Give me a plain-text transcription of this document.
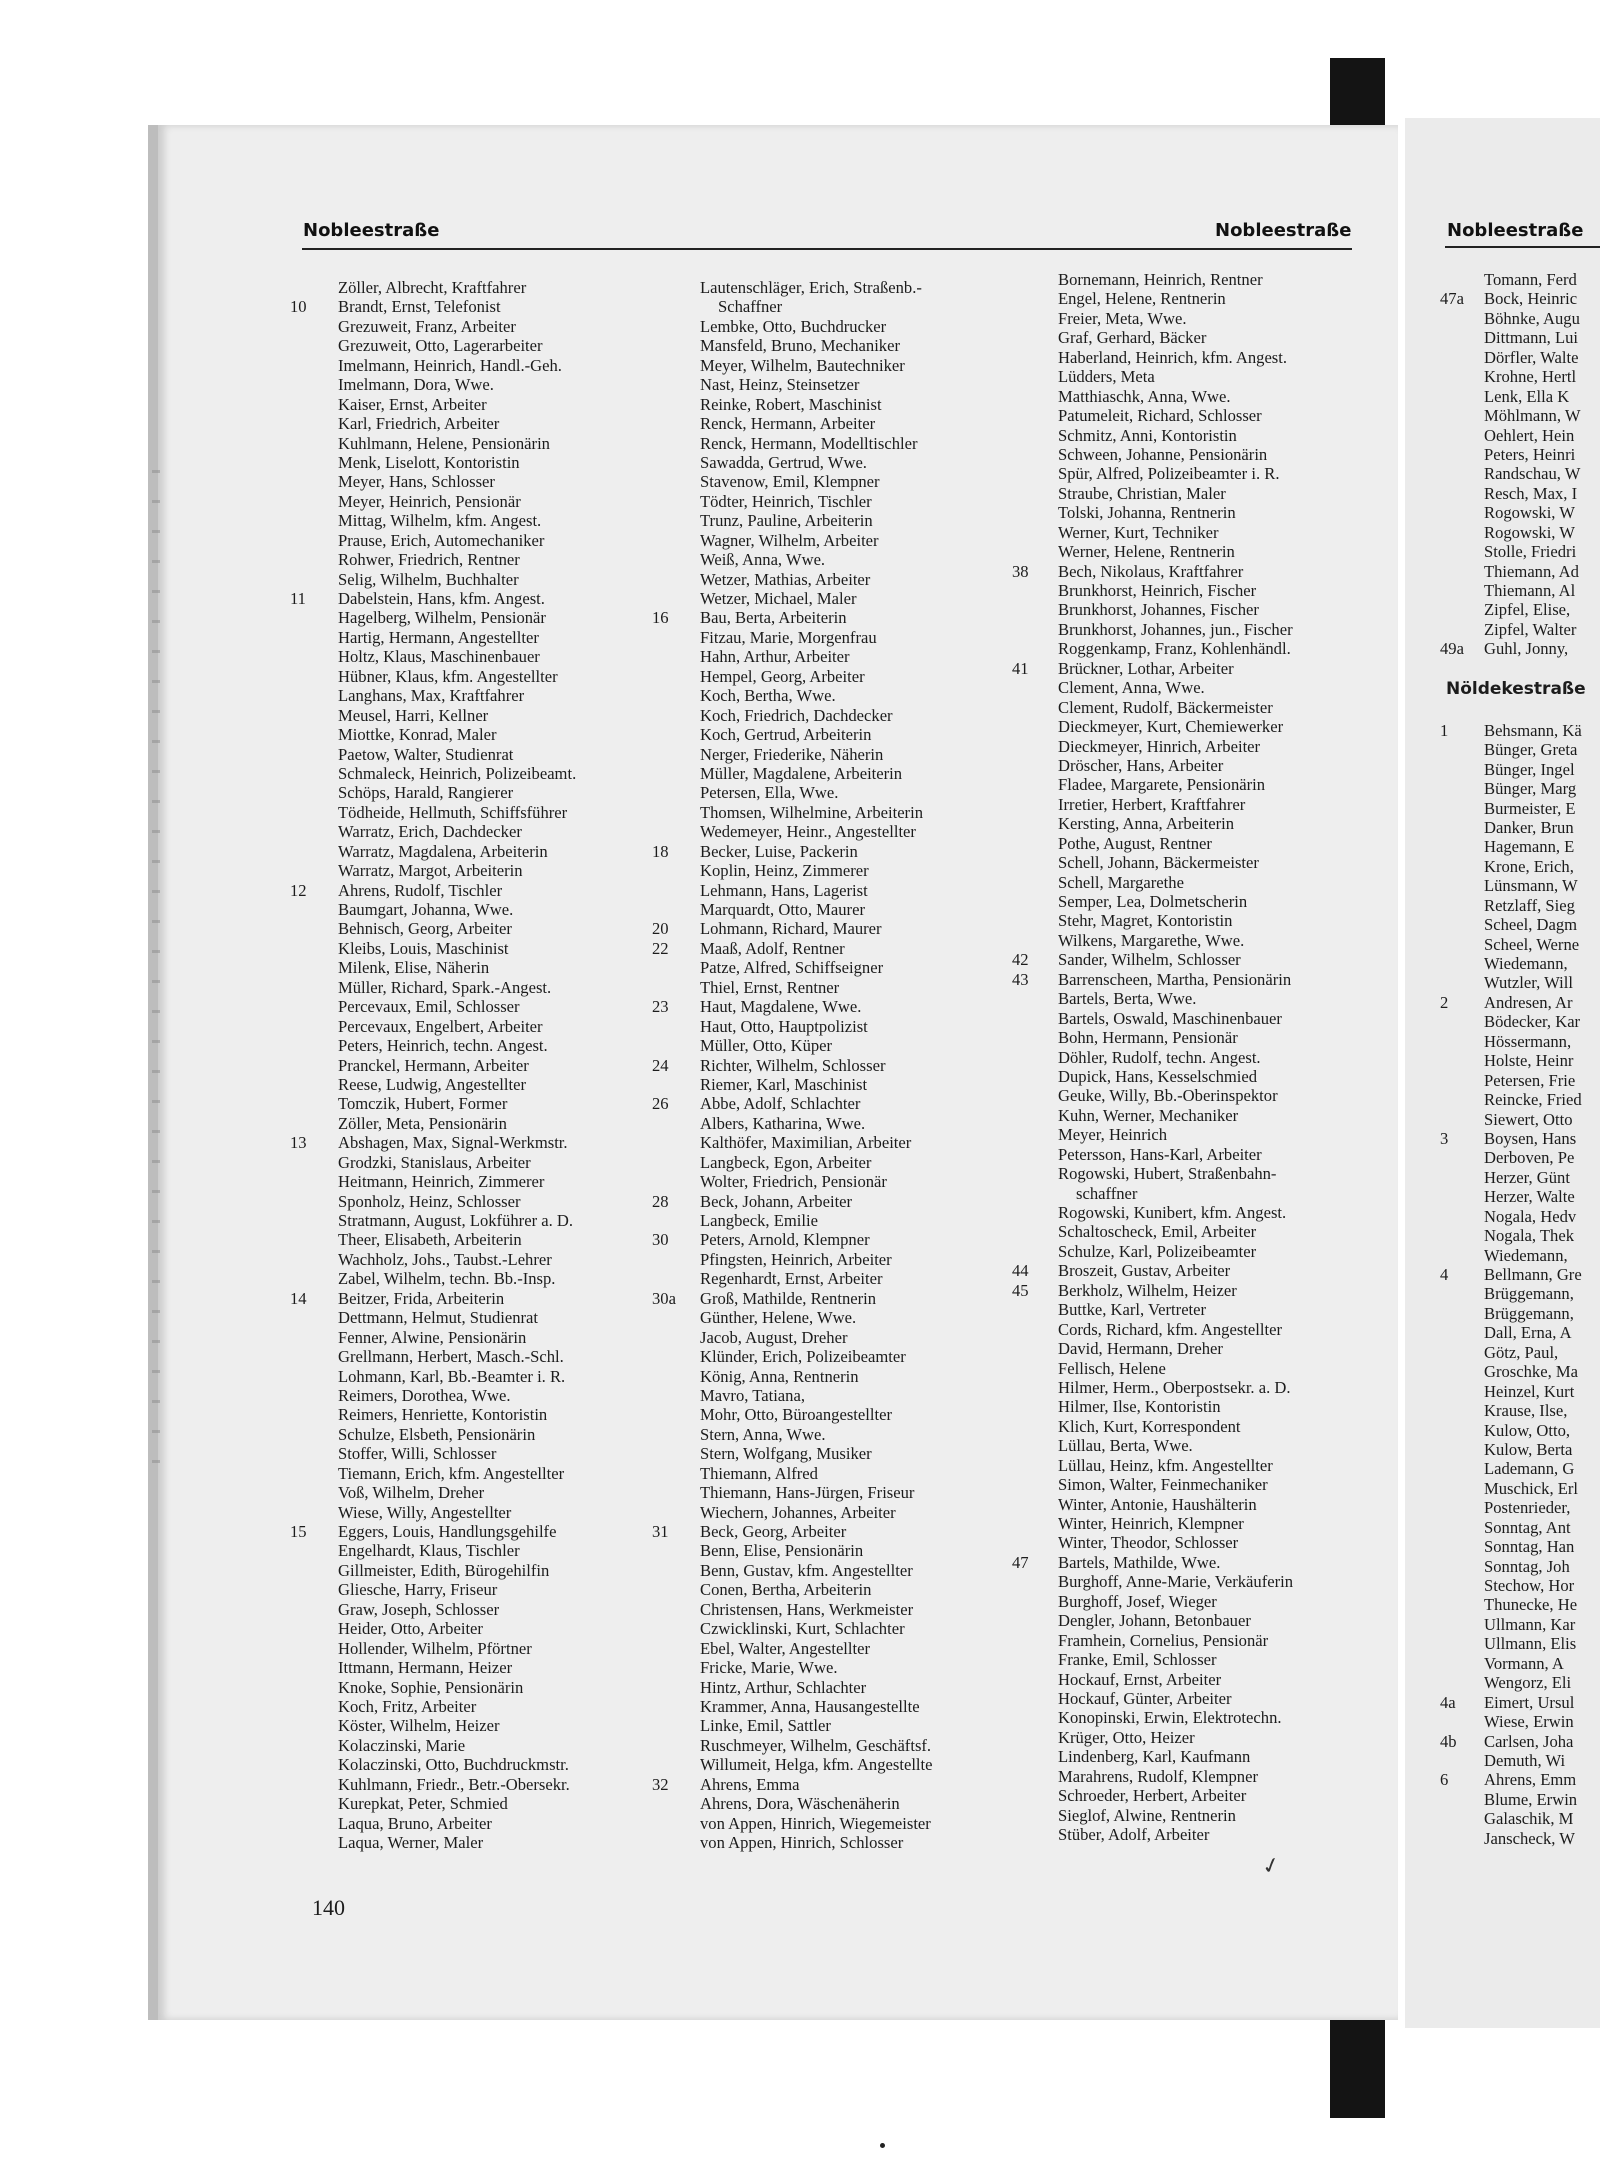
Nobleestraße	Nobleestraße	Nobleestraße
Zöller, Albrecht, Kraftfahrer
10	Brandt, Ernst, Telefonist
Grezuweit, Franz, Arbeiter
Grezuweit, Otto, Lagerarbeiter
Imelmann, Heinrich, Handl.-Geh.
Imelmann, Dora, Wwe.
Kaiser, Ernst, Arbeiter
Karl, Friedrich, Arbeiter
Kuhlmann, Helene, Pensionärin
Menk, Liselott, Kontoristin
Meyer, Hans, Schlosser
Meyer, Heinrich, Pensionär
Mittag, Wilhelm, kfm. Angest.
Prause, Erich, Automechaniker
Rohwer, Friedrich, Rentner
Selig, Wilhelm, Buchhalter
11	Dabelstein, Hans, kfm. Angest.
Hagelberg, Wilhelm, Pensionär
Hartig, Hermann, Angestellter
Holtz, Klaus, Maschinenbauer
Hübner, Klaus, kfm. Angestellter
Langhans, Max, Kraftfahrer
Meusel, Harri, Kellner
Miottke, Konrad, Maler
Paetow, Walter, Studienrat
Schmaleck, Heinrich, Polizeibeamt.
Schöps, Harald, Rangierer
Tödheide, Hellmuth, Schiffsführer
Warratz, Erich, Dachdecker
Warratz, Magdalena, Arbeiterin
Warratz, Margot, Arbeiterin
12	Ahrens, Rudolf, Tischler
Baumgart, Johanna, Wwe.
Behnisch, Georg, Arbeiter
Kleibs, Louis, Maschinist
Milenk, Elise, Näherin
Müller, Richard, Spark.-Angest.
Percevaux, Emil, Schlosser
Percevaux, Engelbert, Arbeiter
Peters, Heinrich, techn. Angest.
Pranckel, Hermann, Arbeiter
Reese, Ludwig, Angestellter
Tomczik, Hubert, Former
Zöller, Meta, Pensionärin
13	Abshagen, Max, Signal-Werkmstr.
Grodzki, Stanislaus, Arbeiter
Heitmann, Heinrich, Zimmerer
Sponholz, Heinz, Schlosser
Stratmann, August, Lokführer a. D.
Theer, Elisabeth, Arbeiterin
Wachholz, Johs., Taubst.-Lehrer
Zabel, Wilhelm, techn. Bb.-Insp.
14	Beitzer, Frida, Arbeiterin
Dettmann, Helmut, Studienrat
Fenner, Alwine, Pensionärin
Grellmann, Herbert, Masch.-Schl.
Lohmann, Karl, Bb.-Beamter i. R.
Reimers, Dorothea, Wwe.
Reimers, Henriette, Kontoristin
Schulze, Elsbeth, Pensionärin
Stoffer, Willi, Schlosser
Tiemann, Erich, kfm. Angestellter
Voß, Wilhelm, Dreher
Wiese, Willy, Angestellter
15	Eggers, Louis, Handlungsgehilfe
Engelhardt, Klaus, Tischler
Gillmeister, Edith, Bürogehilfin
Gliesche, Harry, Friseur
Graw, Joseph, Schlosser
Heider, Otto, Arbeiter
Hollender, Wilhelm, Pförtner
Ittmann, Hermann, Heizer
Knoke, Sophie, Pensionärin
Koch, Fritz, Arbeiter
Köster, Wilhelm, Heizer
Kolaczinski, Marie
Kolaczinski, Otto, Buchdruckmstr.
Kuhlmann, Friedr., Betr.-Obersekr.
Kurepkat, Peter, Schmied
Laqua, Bruno, Arbeiter
Laqua, Werner, Maler
Lautenschläger, Erich, Straßenb.-
Schaffner
Lembke, Otto, Buchdrucker
Mansfeld, Bruno, Mechaniker
Meyer, Wilhelm, Bautechniker
Nast, Heinz, Steinsetzer
Reinke, Robert, Maschinist
Renck, Hermann, Arbeiter
Renck, Hermann, Modelltischler
Sawadda, Gertrud, Wwe.
Stavenow, Emil, Klempner
Tödter, Heinrich, Tischler
Trunz, Pauline, Arbeiterin
Wagner, Wilhelm, Arbeiter
Weiß, Anna, Wwe.
Wetzer, Mathias, Arbeiter
Wetzer, Michael, Maler
16	Bau, Berta, Arbeiterin
Fitzau, Marie, Morgenfrau
Hahn, Arthur, Arbeiter
Hempel, Georg, Arbeiter
Koch, Bertha, Wwe.
Koch, Friedrich, Dachdecker
Koch, Gertrud, Arbeiterin
Nerger, Friederike, Näherin
Müller, Magdalene, Arbeiterin
Petersen, Ella, Wwe.
Thomsen, Wilhelmine, Arbeiterin
Wedemeyer, Heinr., Angestellter
18	Becker, Luise, Packerin
Koplin, Heinz, Zimmerer
Lehmann, Hans, Lagerist
Marquardt, Otto, Maurer
20	Lohmann, Richard, Maurer
22	Maaß, Adolf, Rentner
Patze, Alfred, Schiffseigner
Thiel, Ernst, Rentner
23	Haut, Magdalene, Wwe.
Haut, Otto, Hauptpolizist
Müller, Otto, Küper
24	Richter, Wilhelm, Schlosser
Riemer, Karl, Maschinist
26	Abbe, Adolf, Schlachter
Albers, Katharina, Wwe.
Kalthöfer, Maximilian, Arbeiter
Langbeck, Egon, Arbeiter
Wolter, Friedrich, Pensionär
28	Beck, Johann, Arbeiter
Langbeck, Emilie
30	Peters, Arnold, Klempner
Pfingsten, Heinrich, Arbeiter
Regenhardt, Ernst, Arbeiter
30a	Groß, Mathilde, Rentnerin
Günther, Helene, Wwe.
Jacob, August, Dreher
Klünder, Erich, Polizeibeamter
König, Anna, Rentnerin
Mavro, Tatiana,
Mohr, Otto, Büroangestellter
Stern, Anna, Wwe.
Stern, Wolfgang, Musiker
Thiemann, Alfred
Thiemann, Hans-Jürgen, Friseur
Wiechern, Johannes, Arbeiter
31	Beck, Georg, Arbeiter
Benn, Elise, Pensionärin
Benn, Gustav, kfm. Angestellter
Conen, Bertha, Arbeiterin
Christensen, Hans, Werkmeister
Czwicklinski, Kurt, Schlachter
Ebel, Walter, Angestellter
Fricke, Marie, Wwe.
Hintz, Arthur, Schlachter
Krammer, Anna, Hausangestellte
Linke, Emil, Sattler
Ruschmeyer, Wilhelm, Geschäftsf.
Willumeit, Helga, kfm. Angestellte
32	Ahrens, Emma
Ahrens, Dora, Wäschenäherin
von Appen, Hinrich, Wiegemeister
von Appen, Hinrich, Schlosser
Bornemann, Heinrich, Rentner
Engel, Helene, Rentnerin
Freier, Meta, Wwe.
Graf, Gerhard, Bäcker
Haberland, Heinrich, kfm. Angest.
Lüdders, Meta
Matthiaschk, Anna, Wwe.
Patumeleit, Richard, Schlosser
Schmitz, Anni, Kontoristin
Schween, Johanne, Pensionärin
Spür, Alfred, Polizeibeamter i. R.
Straube, Christian, Maler
Tolski, Johanna, Rentnerin
Werner, Kurt, Techniker
Werner, Helene, Rentnerin
38	Bech, Nikolaus, Kraftfahrer
Brunkhorst, Heinrich, Fischer
Brunkhorst, Johannes, Fischer
Brunkhorst, Johannes, jun., Fischer
Roggenkamp, Franz, Kohlenhändl.
41	Brückner, Lothar, Arbeiter
Clement, Anna, Wwe.
Clement, Rudolf, Bäckermeister
Dieckmeyer, Kurt, Chemiewerker
Dieckmeyer, Hinrich, Arbeiter
Dröscher, Hans, Arbeiter
Fladee, Margarete, Pensionärin
Irretier, Herbert, Kraftfahrer
Kersting, Anna, Arbeiterin
Pothe, August, Rentner
Schell, Johann, Bäckermeister
Schell, Margarethe
Semper, Lea, Dolmetscherin
Stehr, Magret, Kontoristin
Wilkens, Margarethe, Wwe.
42	Sander, Wilhelm, Schlosser
43	Barrenscheen, Martha, Pensionärin
Bartels, Berta, Wwe.
Bartels, Oswald, Maschinenbauer
Bohn, Hermann, Pensionär
Döhler, Rudolf, techn. Angest.
Dupick, Hans, Kesselschmied
Geuke, Willy, Bb.-Oberinspektor
Kuhn, Werner, Mechaniker
Meyer, Heinrich
Petersson, Hans-Karl, Arbeiter
Rogowski, Hubert, Straßenbahn-
schaffner
Rogowski, Kunibert, kfm. Angest.
Schaltoscheck, Emil, Arbeiter
Schulze, Karl, Polizeibeamter
44	Broszeit, Gustav, Arbeiter
45	Berkholz, Wilhelm, Heizer
Buttke, Karl, Vertreter
Cords, Richard, kfm. Angestellter
David, Hermann, Dreher
Fellisch, Helene
Hilmer, Herm., Oberpostsekr. a. D.
Hilmer, Ilse, Kontoristin
Klich, Kurt, Korrespondent
Lüllau, Berta, Wwe.
Lüllau, Heinz, kfm. Angestellter
Simon, Walter, Feinmechaniker
Winter, Antonie, Haushälterin
Winter, Heinrich, Klempner
Winter, Theodor, Schlosser
47	Bartels, Mathilde, Wwe.
Burghoff, Anne-Marie, Verkäuferin
Burghoff, Josef, Wieger
Dengler, Johann, Betonbauer
Framhein, Cornelius, Pensionär
Franke, Emil, Schlosser
Hockauf, Ernst, Arbeiter
Hockauf, Günter, Arbeiter
Konopinski, Erwin, Elektrotechn.
Krüger, Otto, Heizer
Lindenberg, Karl, Kaufmann
Marahrens, Rudolf, Klempner
Schroeder, Herbert, Arbeiter
Sieglof, Alwine, Rentnerin
Stüber, Adolf, Arbeiter
Tomann, Ferd
47a	Bock, Heinric
Böhnke, Augu
Dittmann, Lui
Dörfler, Walte
Krohne, Hertl
Lenk, Ella K
Möhlmann, W
Oehlert, Hein
Peters, Heinri
Randschau, W
Resch, Max, I
Rogowski, W
Rogowski, W
Stolle, Friedri
Thiemann, Ad
Thiemann, Al
Zipfel, Elise,
Zipfel, Walter
49a	Guhl, Jonny,
Nöldekestraße
1	Behsmann, Kä
Bünger, Greta
Bünger, Ingel
Bünger, Marg
Burmeister, E
Danker, Brun
Hagemann, E
Krone, Erich,
Lünsmann, W
Retzlaff, Sieg
Scheel, Dagm
Scheel, Werne
Wiedemann,
Wutzler, Will
2	Andresen, Ar
Bödecker, Kar
Hössermann,
Holste, Heinr
Petersen, Frie
Reincke, Fried
Siewert, Otto
3	Boysen, Hans
Derboven, Pe
Herzer, Günt
Herzer, Walte
Nogala, Hedv
Nogala, Thek
Wiedemann,
4	Bellmann, Gre
Brüggemann,
Brüggemann,
Dall, Erna, A
Götz, Paul,
Groschke, Ma
Heinzel, Kurt
Krause, Ilse,
Kulow, Otto,
Kulow, Berta
Lademann, G
Muschick, Erl
Postenrieder,
Sonntag, Ant
Sonntag, Han
Sonntag, Joh
Stechow, Hor
Thunecke, He
Ullmann, Kar
Ullmann, Elis
Vormann, A
Wengorz, Eli
4a	Eimert, Ursul
Wiese, Erwin
4b	Carlsen, Joha
Demuth, Wi
6	Ahrens, Emm
Blume, Erwin
Galaschik, M
Janscheck, W
140
✓
